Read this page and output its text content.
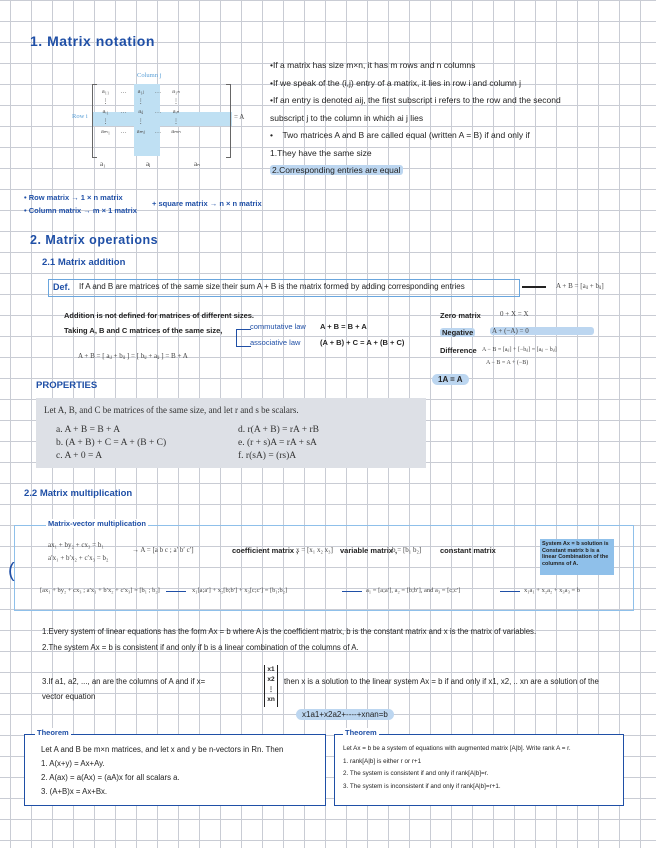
1. Matrix notation
Column j
Row i
a₁₁	…	a₁ⱼ	…	a₁ₙ
⋮		⋮		⋮
aᵢ₁	…	aᵢⱼ	…	aᵢₙ
⋮		⋮		⋮
aₘ₁	…	aₘⱼ	…	aₘₙ
= A
a₁	aⱼ	aₙ
•If a matrix has size m×n, it has m rows and n columns
•If we speak of the (i,j) entry of a matrix, it lies in row i and column j
•If an entry is denoted aij, the first subscript i refers to the row and the second
subscript j to the column in which ai j lies
•    Two matrices A and B are called equal (written A = B) if and only if
1.They have the same size
2.Corresponding entries are equal
• Row matrix → 1 × n matrix
• Column matrix → m × 1 matrix
+ square matrix → n × n matrix
2. Matrix operations
2.1 Matrix addition
Def. If A and B are matrices of the same size their sum A + B is the matrix formed by adding corresponding entries	A + B = [aᵢⱼ + bᵢⱼ]
Addition is not defined for matrices of different sizes.
Taking A, B and C matrices of the same size,	commutative law
associative law
A + B = B + A
(A + B) + C = A + (B + C)
A + B = [ aᵢⱼ + bᵢⱼ ] = [ bᵢⱼ + aᵢⱼ ] = B + A
Zero matrix	0 + X = X
Negative	A + (−A) = 0
Difference A − B = [aᵢⱼ] + [−bᵢⱼ] = [aᵢⱼ − bᵢⱼ]
A − B = A + (−B)
1A = A
PROPERTIES
Let A, B, and C be matrices of the same size, and let r and s be scalars.
a. A + B = B + A
b. (A + B) + C = A + (B + C)
c. A + 0 = A
d. r(A + B) = rA + rB
e. (r + s)A = rA + sA
f. r(sA) = (rs)A
2.2 Matrix multiplication
Matrix-vector multiplication
(
ax₁ + by₂ + cx₃ = b₁
a′x₁ + b′x₂ + c′x₃ = b₂
→ A = [a b c ; a′ b′ c′]	coefficient matrix ,
x = [x₁ x₂ x₃] variable matrix ,
b = [b₁ b₂]	constant matrix
System Ax = b solution is Constant matrix b is a linear Combination of the columns of A.
[ax₁ + by₂ + cx₃ ; a′x₁ + b′x₂ + c′x₃] = [b₁ ; b₂]	x₁[a;a′] + x₂[b;b′] + x₃[c;c′] = [b₁;b₂]	a₁ = [a;a′], a₂ = [b;b′], and a₃ = [c;c′]	x₁a₁ + x₂a₂ + x₃a₃ = b
1.Every system of linear equations has the form Ax = b where A is the coefficient matrix, b is the constant matrix and x is the matrix of variables.
2.The system Ax = b is consistent if and only if b is a linear combination of the columns of A.
3.If a1, a2, ..., an are the columns of A and if x=
x1
x2
⋮
xn
then x is a solution to the linear system Ax = b if and only if x1, x2, .. xn are a solution of the
vector equation
x1a1+x2a2+----+xnan=b
Theorem
Let A and B be m×n matrices, and let x and y be n-vectors in Rn. Then
1. A(x+y) = Ax+Ay.
2. A(ax) = a(Ax) = (aA)x for all scalars a.
3. (A+B)x = Ax+Bx.
Theorem
Let Ax = b be a system of equations with augmented matrix [A|b]. Write rank A = r.
1. rank[A|b] is either r or r+1
2. The system is consistent if and only if rank[A|b]=r.
3. The system is inconsistent if and only if rank[A|b]=r+1.
